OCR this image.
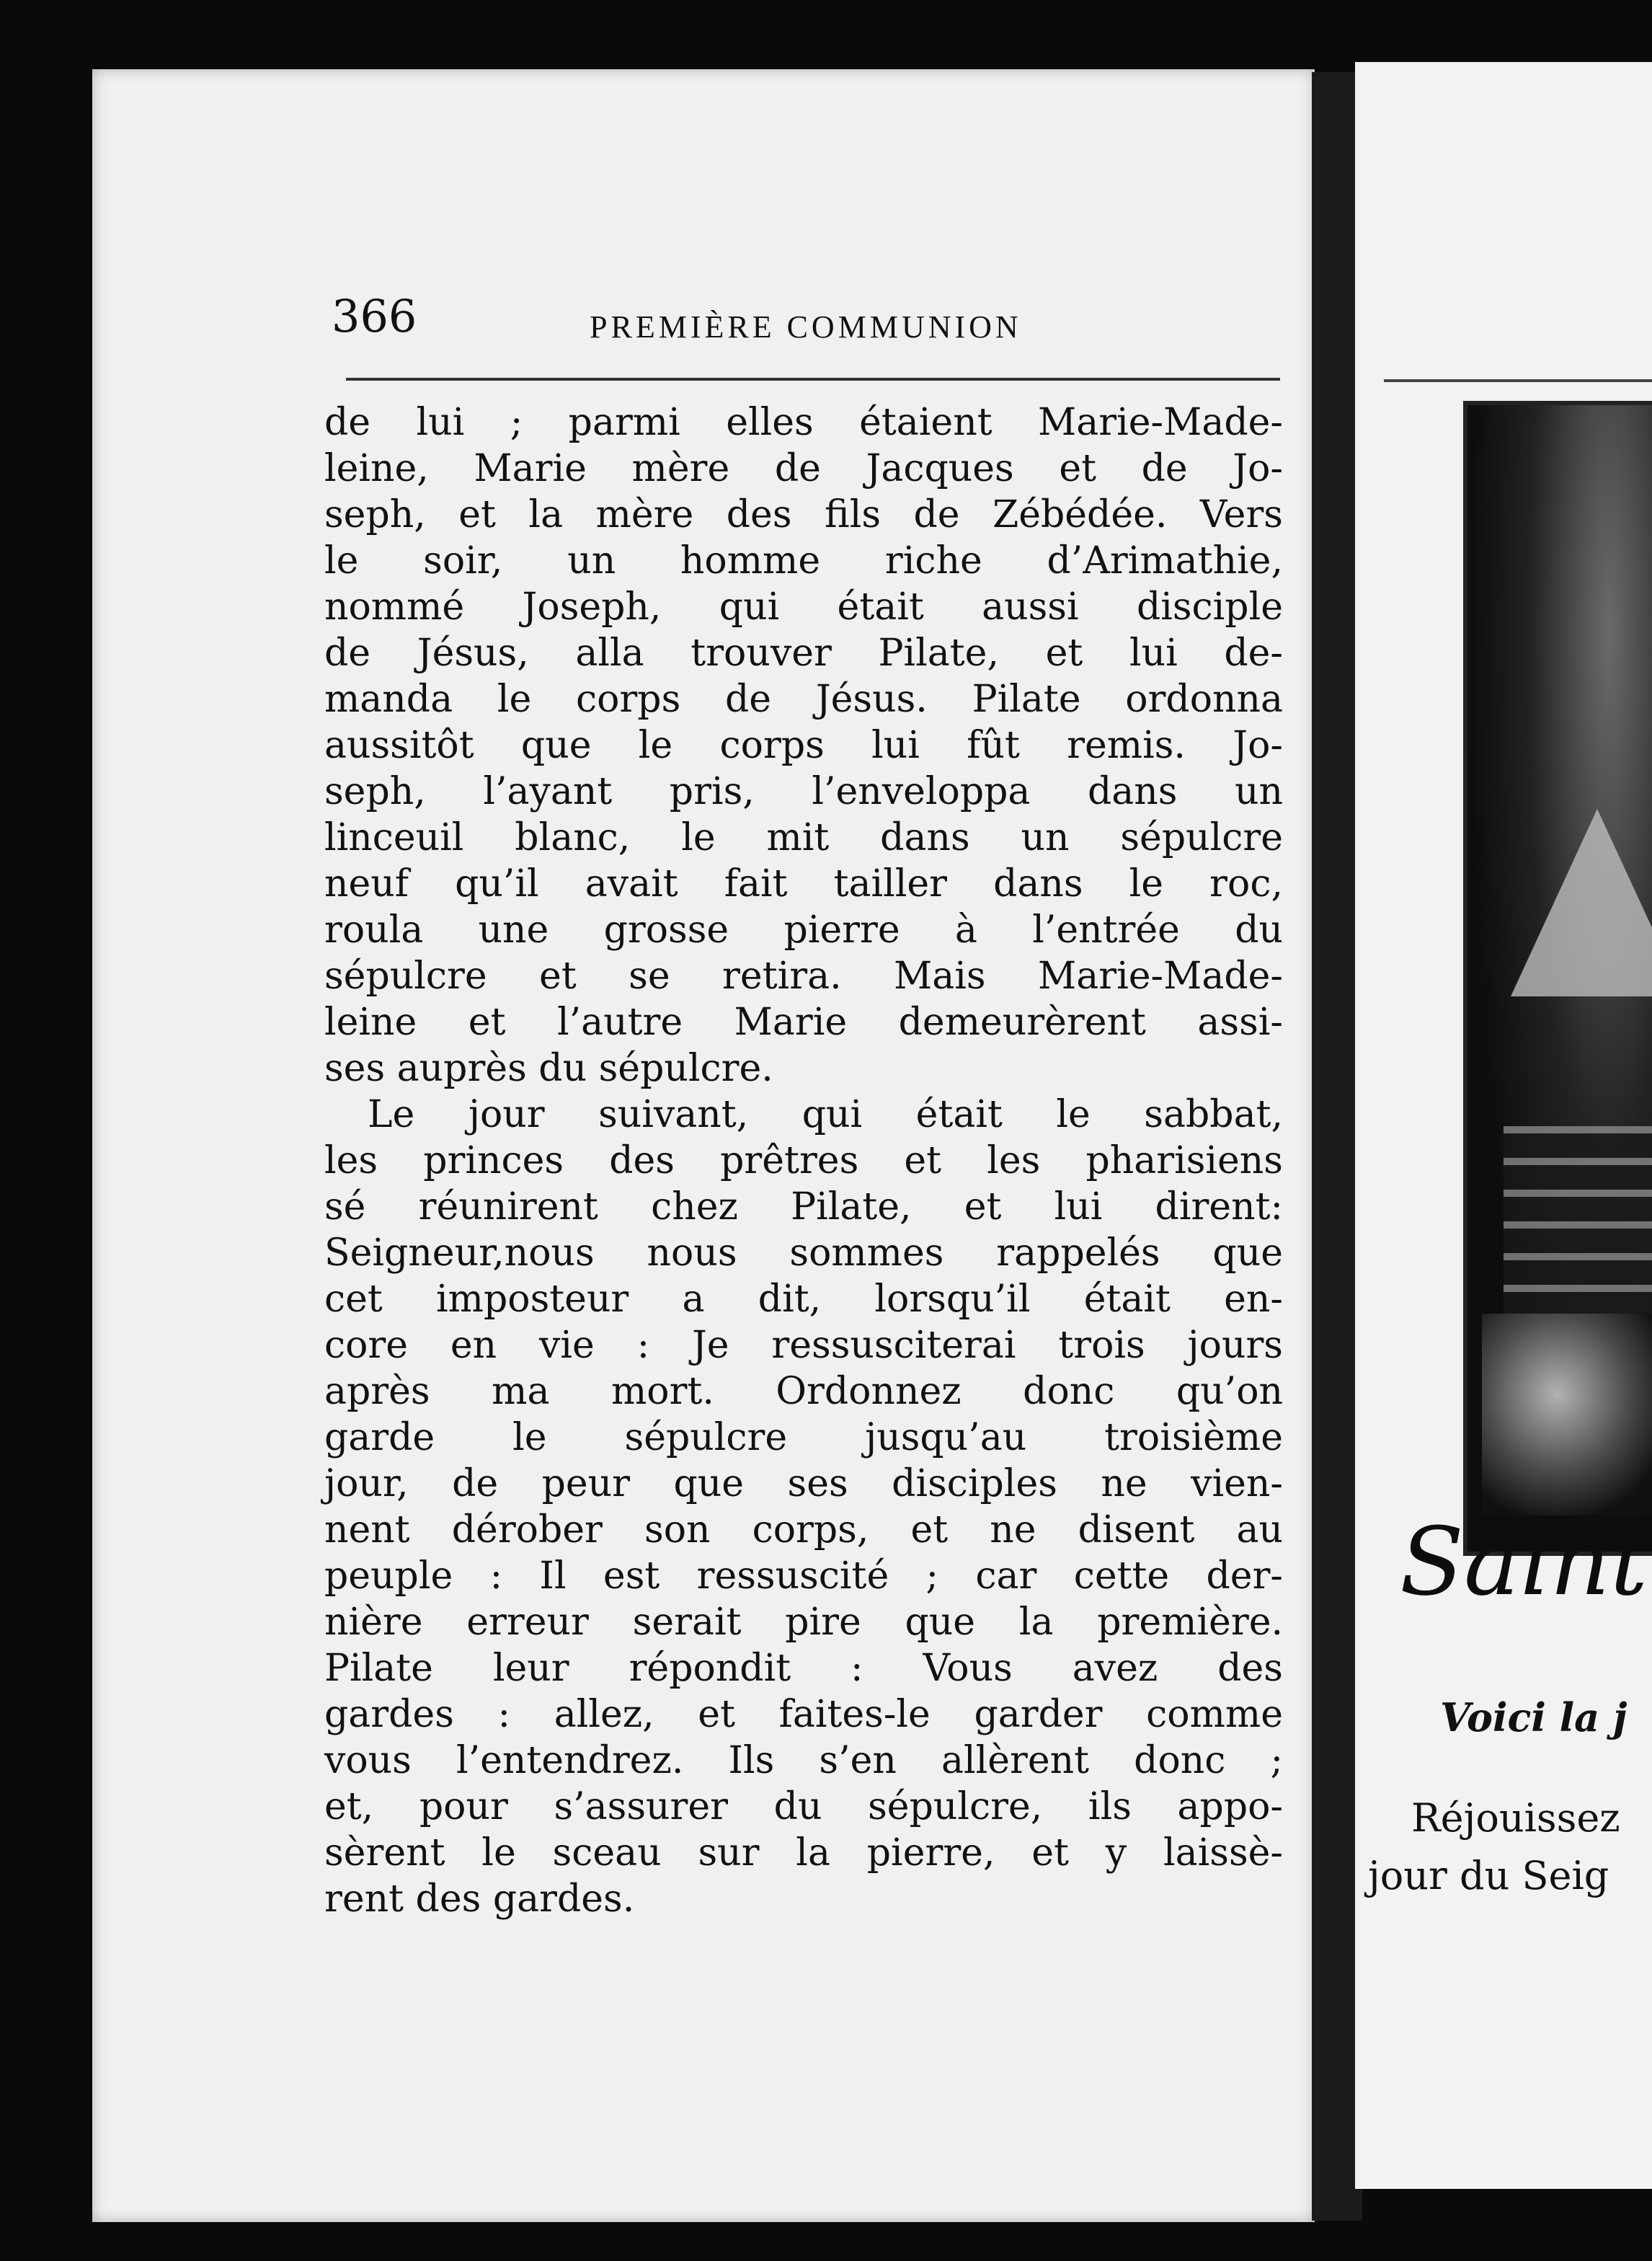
366	PREMIÈRE COMMUNION
de lui ; parmi elles étaient Marie-Made-
leine, Marie mère de Jacques et de Jo-
seph, et la mère des fils de Zébédée. Vers
le soir, un homme riche d’Arimathie,
nommé Joseph, qui était aussi disciple
de Jésus, alla trouver Pilate, et lui de-
manda le corps de Jésus. Pilate ordonna
aussitôt que le corps lui fût remis. Jo-
seph, l’ayant pris, l’enveloppa dans un
linceuil blanc, le mit dans un sépulcre
neuf qu’il avait fait tailler dans le roc,
roula une grosse pierre à l’entrée du
sépulcre et se retira. Mais Marie-Made-
leine et l’autre Marie demeurèrent assi-
ses auprès du sépulcre.
Le jour suivant, qui était le sabbat,
les princes des prêtres et les pharisiens
sé réunirent chez Pilate, et lui dirent:
Seigneur,nous nous sommes rappelés que
cet imposteur a dit, lorsqu’il était en-
core en vie : Je ressusciterai trois jours
après ma mort. Ordonnez donc qu’on
garde le sépulcre jusqu’au troisième
jour, de peur que ses disciples ne vien-
nent dérober son corps, et ne disent au
peuple : Il est ressuscité ; car cette der-
nière erreur serait pire que la première.
Pilate leur répondit : Vous avez des
gardes : allez, et faites-le garder comme
vous l’entendrez. Ils s’en allèrent donc ;
et, pour s’assurer du sépulcre, ils appo-
sèrent le sceau sur la pierre, et y laissè-
rent des gardes.
Saint
Voici la j
Réjouissez
jour du Seig
